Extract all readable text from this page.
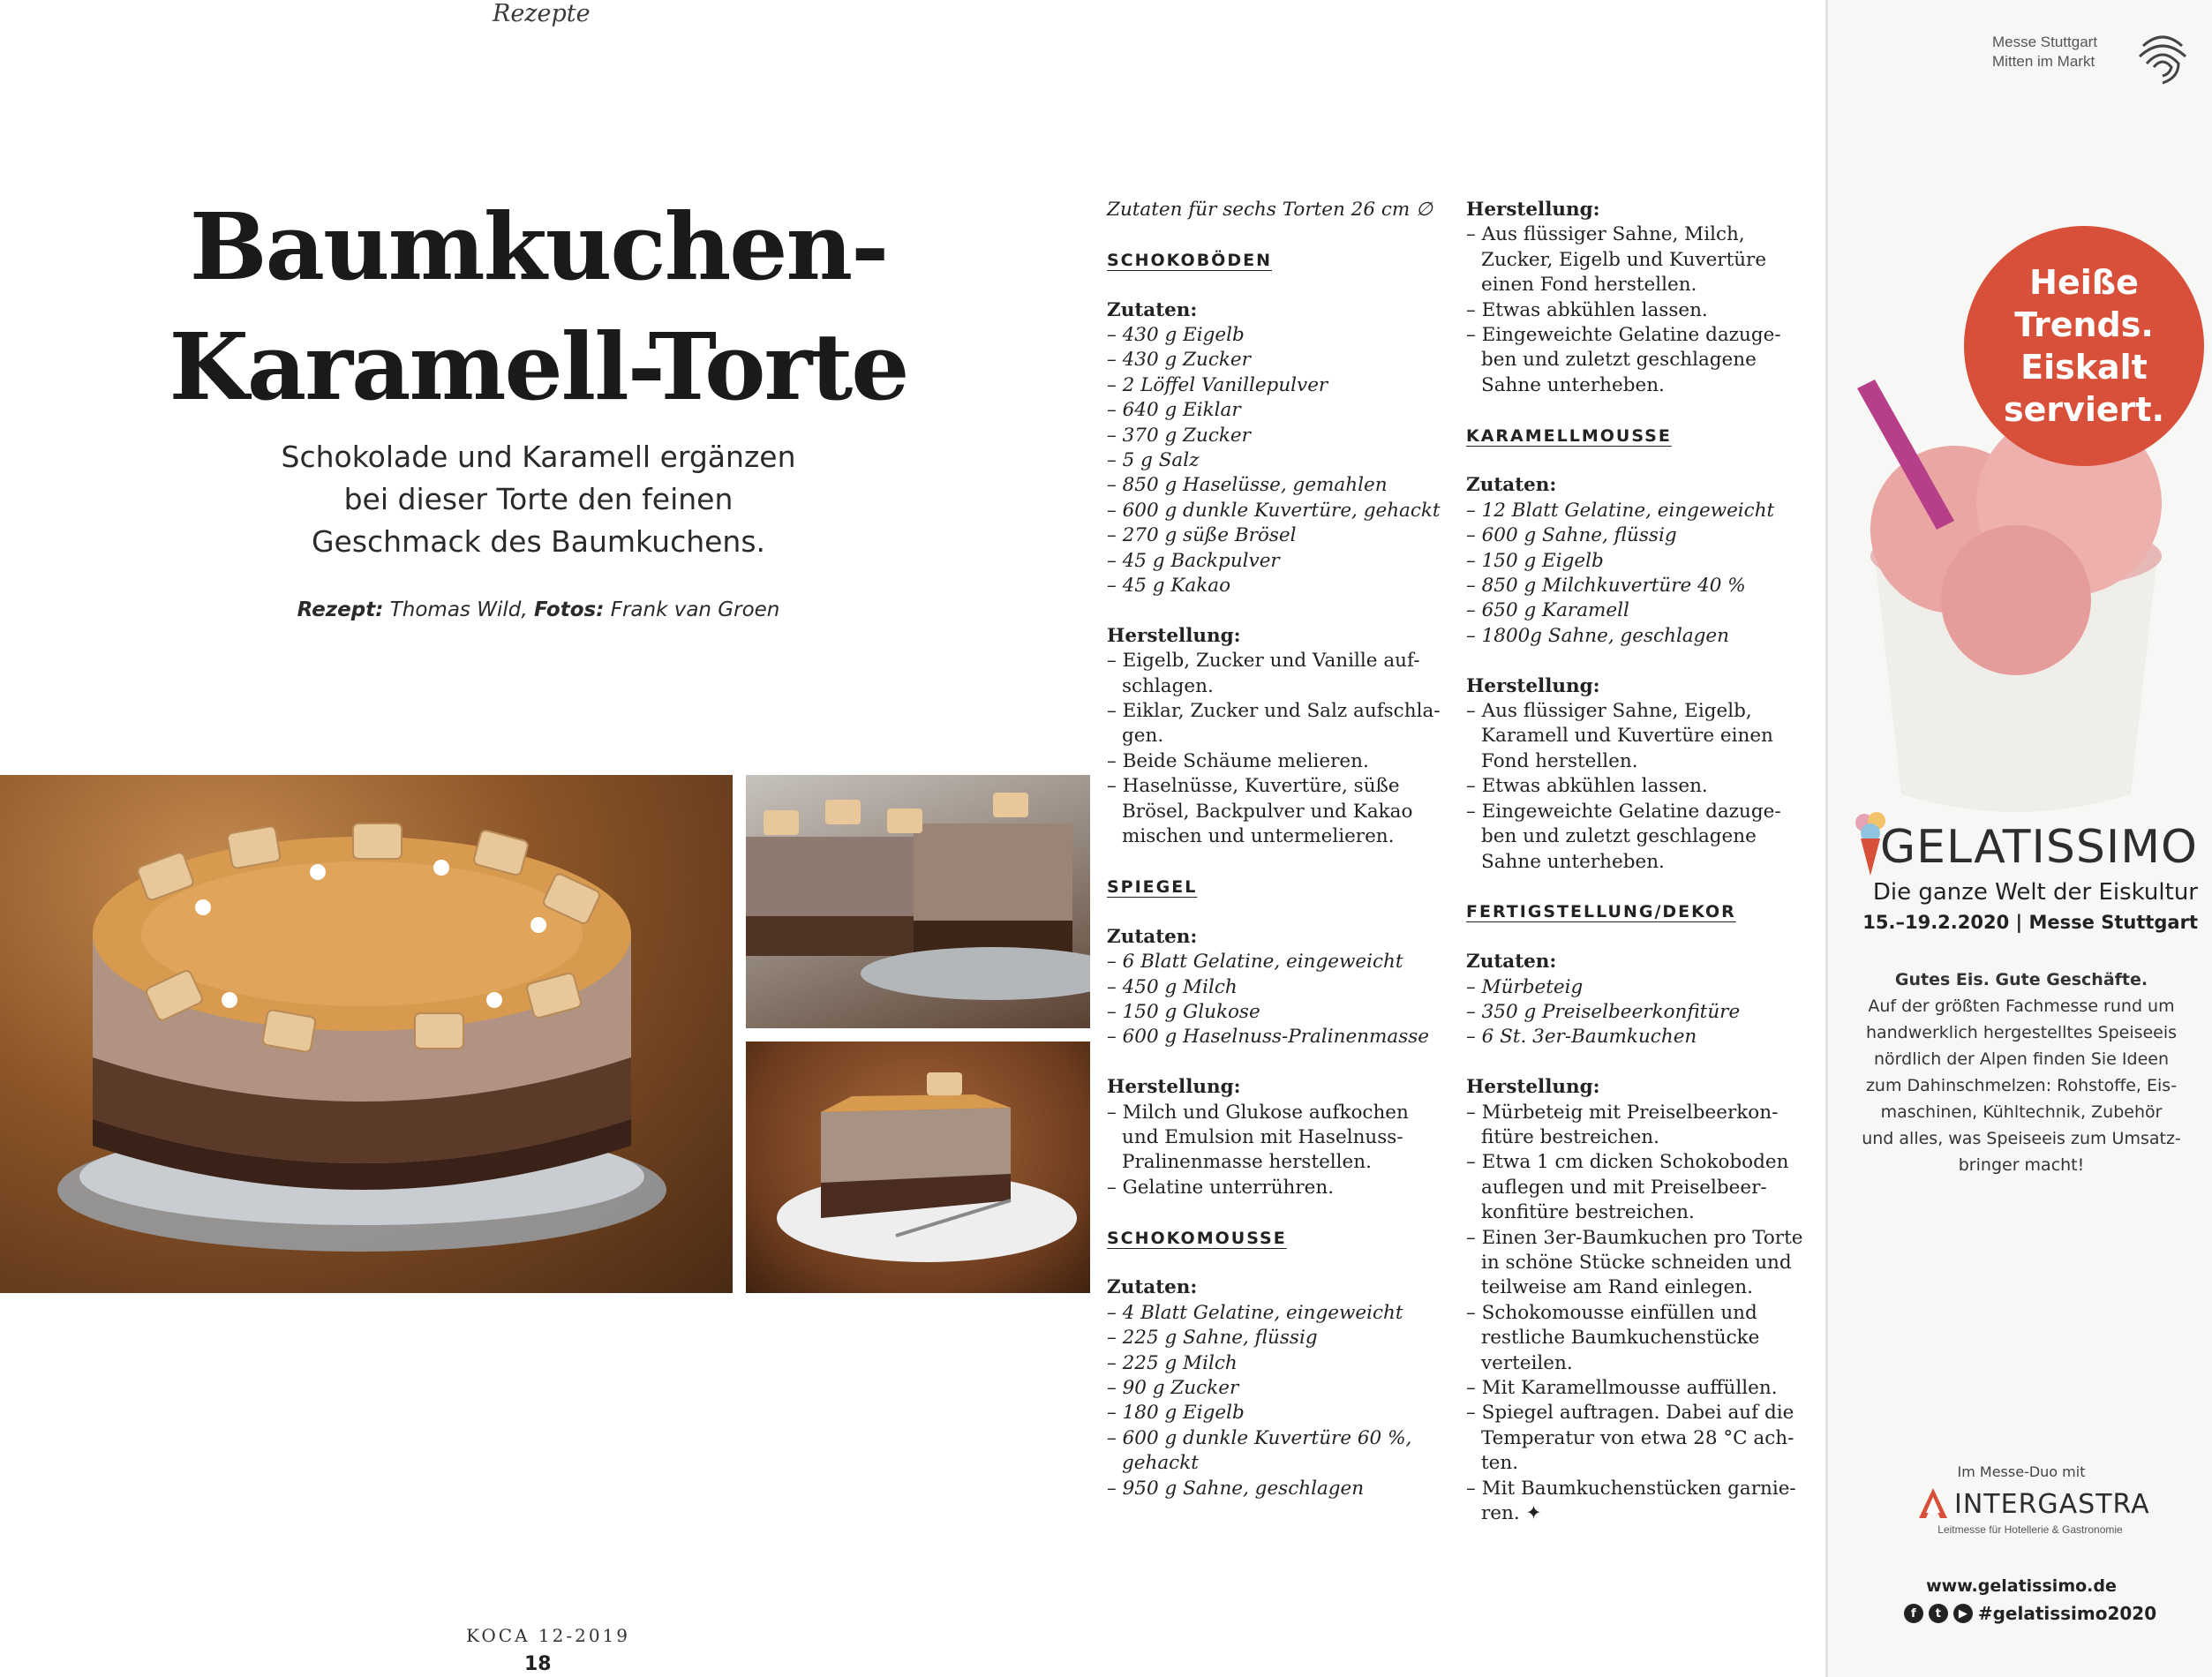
Rezepte
Baumkuchen-
Karamell-Torte
Schokolade und Karamell ergänzen
bei dieser Torte den feinen
Geschmack des Baumkuchens.
Rezept: Thomas Wild, Fotos: Frank van Groen
Zutaten für sechs Torten 26 cm ∅
SCHOKOBÖDEN
Zutaten:
– 430 g Eigelb
– 430 g Zucker
– 2 Löffel Vanillepulver
– 640 g Eiklar
– 370 g Zucker
– 5 g Salz
– 850 g Haselüsse, gemahlen
– 600 g dunkle Kuvertüre, gehackt
– 270 g süße Brösel
– 45 g Backpulver
– 45 g Kakao
Herstellung:
– Eigelb, Zucker und Vanille auf-
schlagen.
– Eiklar, Zucker und Salz aufschla-
gen.
– Beide Schäume melieren.
– Haselnüsse, Kuvertüre, süße
Brösel, Backpulver und Kakao
mischen und untermelieren.
SPIEGEL
Zutaten:
– 6 Blatt Gelatine, eingeweicht
– 450 g Milch
– 150 g Glukose
– 600 g Haselnuss-Pralinenmasse
Herstellung:
– Milch und Glukose aufkochen
und Emulsion mit Haselnuss-
Pralinenmasse herstellen.
– Gelatine unterrühren.
SCHOKOMOUSSE
Zutaten:
– 4 Blatt Gelatine, eingeweicht
– 225 g Sahne, flüssig
– 225 g Milch
– 90 g Zucker
– 180 g Eigelb
– 600 g dunkle Kuvertüre 60 %,
gehackt
– 950 g Sahne, geschlagen
Herstellung:
– Aus flüssiger Sahne, Milch,
Zucker, Eigelb und Kuvertüre
einen Fond herstellen.
– Etwas abkühlen lassen.
– Eingeweichte Gelatine dazuge-
ben und zuletzt geschlagene
Sahne unterheben.
KARAMELLMOUSSE
Zutaten:
– 12 Blatt Gelatine, eingeweicht
– 600 g Sahne, flüssig
– 150 g Eigelb
– 850 g Milchkuvertüre 40 %
– 650 g Karamell
– 1800g Sahne, geschlagen
Herstellung:
– Aus flüssiger Sahne, Eigelb,
Karamell und Kuvertüre einen
Fond herstellen.
– Etwas abkühlen lassen.
– Eingeweichte Gelatine dazuge-
ben und zuletzt geschlagene
Sahne unterheben.
FERTIGSTELLUNG/DEKOR
Zutaten:
– Mürbeteig
– 350 g Preiselbeerkonfitüre
– 6 St. 3er-Baumkuchen
Herstellung:
– Mürbeteig mit Preiselbeerkon-
fitüre bestreichen.
– Etwa 1 cm dicken Schokoboden
auflegen und mit Preiselbeer-
konfitüre bestreichen.
– Einen 3er-Baumkuchen pro Torte
in schöne Stücke schneiden und
teilweise am Rand einlegen.
– Schokomousse einfüllen und
restliche Baumkuchenstücke
verteilen.
– Mit Karamellmousse auffüllen.
– Spiegel auftragen. Dabei auf die
Temperatur von etwa 28 °C ach-
ten.
– Mit Baumkuchenstücken garnie-
ren. ✦
KOCA 12-2019
18
Messe Stuttgart
Mitten im Markt
Heiße
Trends.
Eiskalt
serviert.
GELATISSIMO
Die ganze Welt der Eiskultur
15.–19.2.2020 | Messe Stuttgart
Gutes Eis. Gute Geschäfte.
Auf der größten Fachmesse rund um
handwerklich hergestelltes Speiseeis
nördlich der Alpen finden Sie Ideen
zum Dahinschmelzen: Rohstoffe, Eis-
maschinen, Kühltechnik, Zubehör
und alles, was Speiseeis zum Umsatz-
bringer macht!
Im Messe-Duo mit
INTERGASTRA
Leitmesse für Hotellerie & Gastronomie
www.gelatissimo.de
f	t	▶ #gelatissimo2020
